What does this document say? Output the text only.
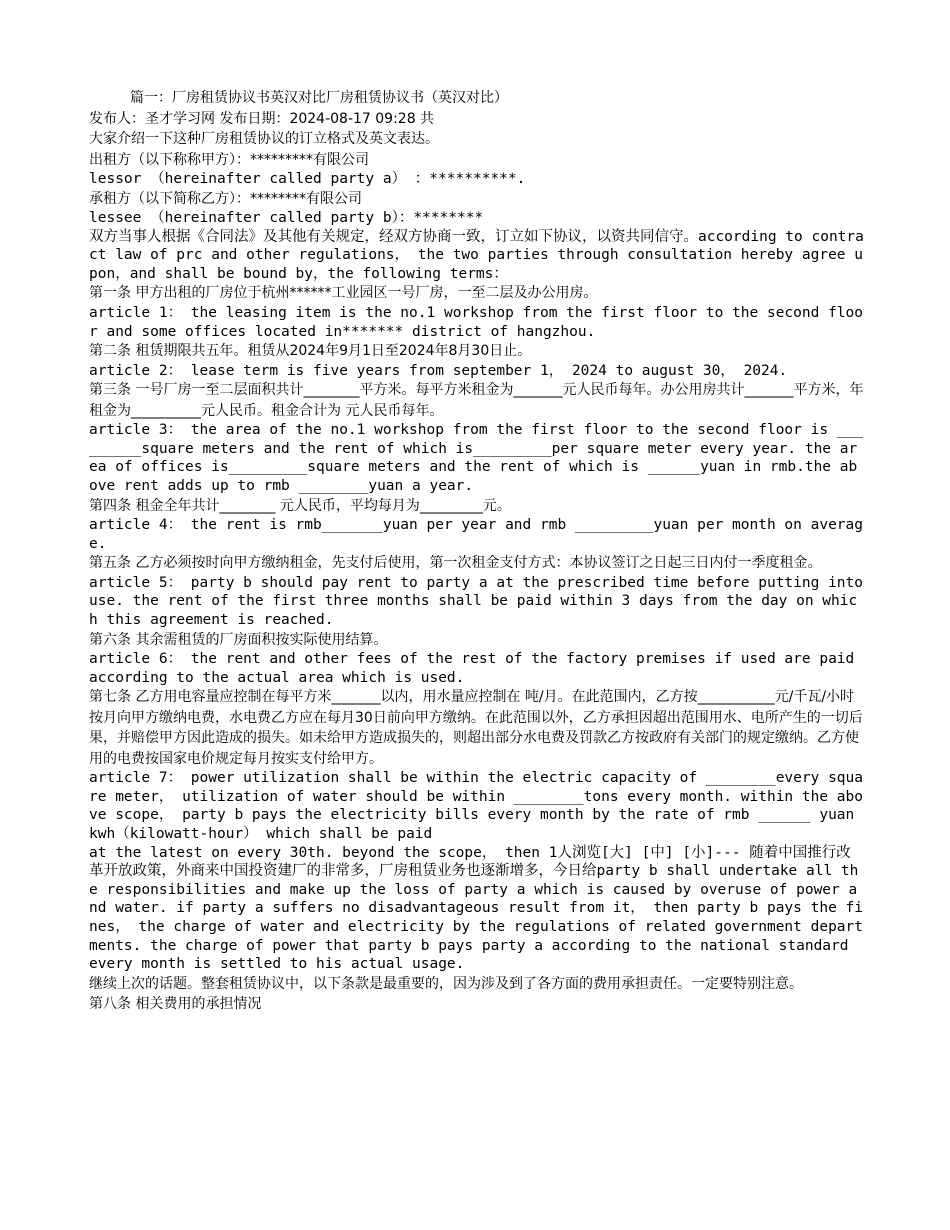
篇一：厂房租赁协议书英汉对比厂房租赁协议书（英汉对比）
发布人：圣才学习网 发布日期：2024-08-17 09:28 共
大家介绍一下这种厂房租赁协议的订立格式及英文表达。
出租方（以下称称甲方）：*********有限公司
lessor （hereinafter called party a） ：**********.
承租方（以下简称乙方）：********有限公司
lessee （hereinafter called party b）：********
双方当事人根据《合同法》及其他有关规定，经双方协商一致，订立如下协议，以资共同信守。according to contract law of prc and other regulations， the two parties through consultation hereby agree upon，and shall be bound by，the following terms：
第一条 甲方出租的厂房位于杭州******工业园区一号厂房，一至二层及办公用房。
article 1： the leasing item is the no.1 workshop from the first floor to the second floor and some offices located in******* district of hangzhou.
第二条 租赁期限共五年。租赁从2024年9月1日至2024年8月30日止。
article 2： lease term is five years from september 1， 2024 to august 30， 2024.
第三条 一号厂房一至二层面积共计________平方米。每平方米租金为_______元人民币每年。办公用房共计_______平方米，年租金为__________元人民币。租金合计为 元人民币每年。
article 3： the area of the no.1 workshop from the first floor to the second floor is _________square meters and the rent of which is_________per square meter every year. the area of offices is_________square meters and the rent of which is ______yuan in rmb.the above rent adds up to rmb ________yuan a year.
第四条 租金全年共计________ 元人民币，平均每月为_________元。
article 4： the rent is rmb_______yuan per year and rmb _________yuan per month on average.
第五条 乙方必须按时向甲方缴纳租金，先支付后使用，第一次租金支付方式：本协议签订之日起三日内付一季度租金。
article 5： party b should pay rent to party a at the prescribed time before putting into use. the rent of the first three months shall be paid within 3 days from the day on which this agreement is reached.
第六条 其余需租赁的厂房面积按实际使用结算。
article 6： the rent and other fees of the rest of the factory premises if used are paid according to the actual area which is used.
第七条 乙方用电容量应控制在每平方米_______以内，用水量应控制在 吨/月。在此范围内，乙方按___________元/千瓦/小时按月向甲方缴纳电费，水电费乙方应在每月30日前向甲方缴纳。在此范围以外，乙方承担因超出范围用水、电所产生的一切后果，并赔偿甲方因此造成的损失。如未给甲方造成损失的，则超出部分水电费及罚款乙方按政府有关部门的规定缴纳。乙方使用的电费按国家电价规定每月按实支付给甲方。
article 7： power utilization shall be within the electric capacity of ________every square meter， utilization of water should be within ________tons every month. within the above scope， party b pays the electricity bills every month by the rate of rmb ______ yuan kwh（kilowatt-hour） which shall be paid
at the latest on every 30th. beyond the scope， then 1人浏览[大] [中] [小]--- 随着中国推行改革开放政策，外商来中国投资建厂的非常多，厂房租赁业务也逐渐增多，今日给party b shall undertake all the responsibilities and make up the loss of party a which is caused by overuse of power and water. if party a suffers no disadvantageous result from it， then party b pays the fines， the charge of water and electricity by the regulations of related government departments. the charge of power that party b pays party a according to the national standard every month is settled to his actual usage.
继续上次的话题。整套租赁协议中，以下条款是最重要的，因为涉及到了各方面的费用承担责任。一定要特别注意。
第八条 相关费用的承担情况
